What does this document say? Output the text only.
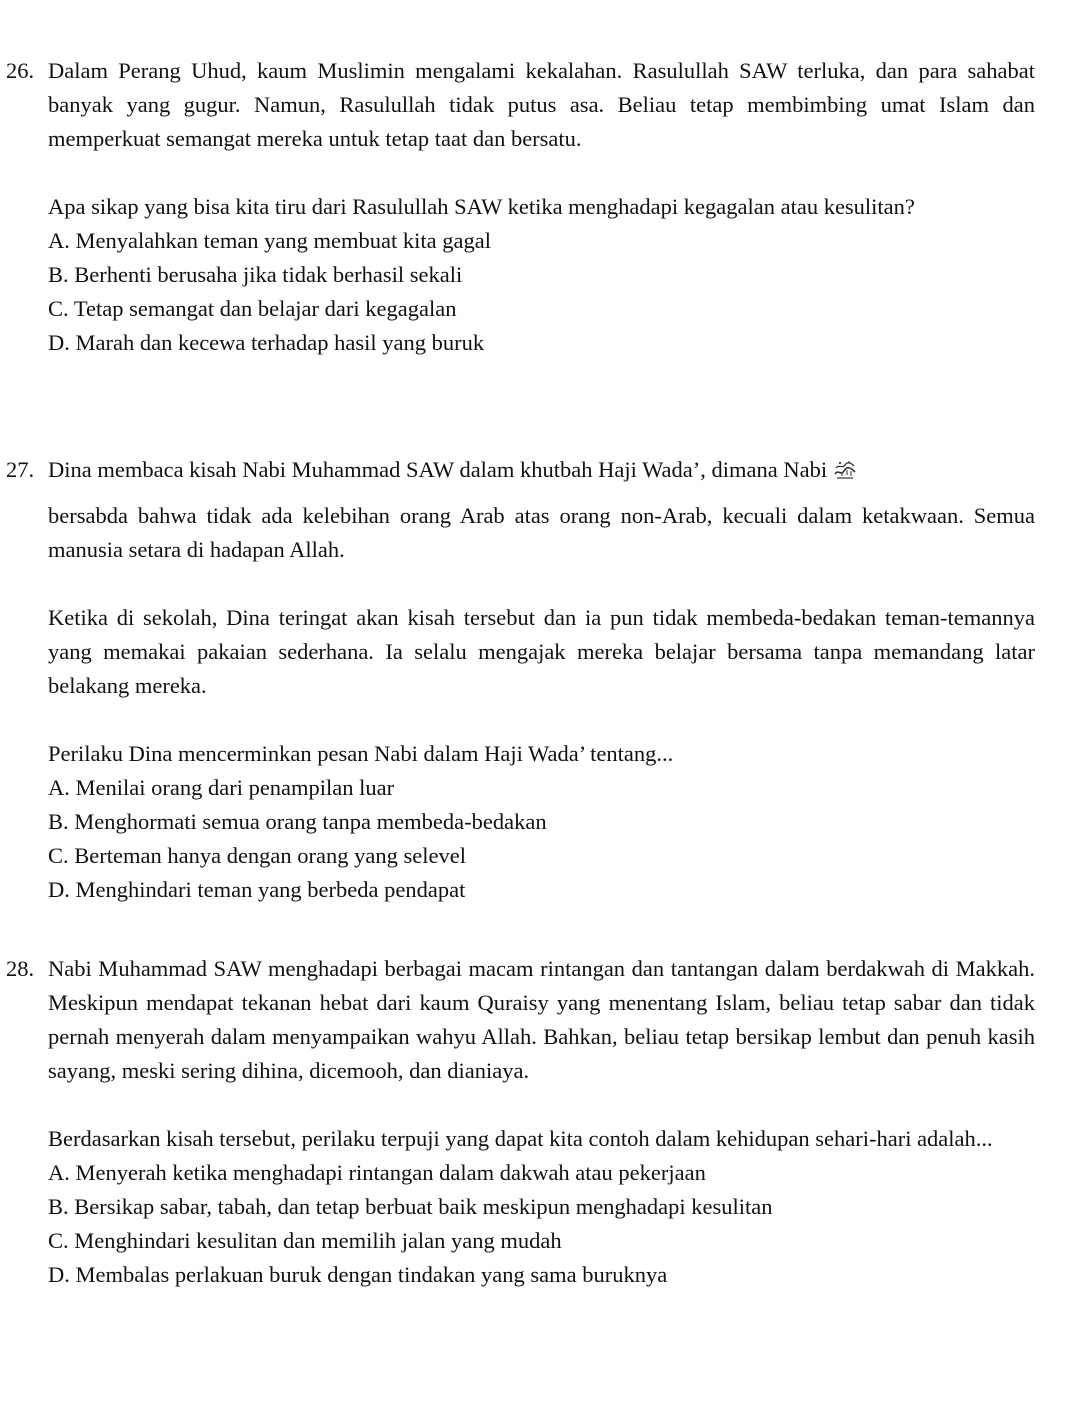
26. Dalam Perang Uhud, kaum Muslimin mengalami kekalahan. Rasulullah SAW terluka, dan para sahabat banyak yang gugur. Namun, Rasulullah tidak putus asa. Beliau tetap membimbing umat Islam dan memperkuat semangat mereka untuk tetap taat dan bersatu.

Apa sikap yang bisa kita tiru dari Rasulullah SAW ketika menghadapi kegagalan atau kesulitan?

A. Menyalahkan teman yang membuat kita gagal
B. Berhenti berusaha jika tidak berhasil sekali
C. Tetap semangat dan belajar dari kegagalan
D. Marah dan kecewa terhadap hasil yang buruk
27. Dina membaca kisah Nabi Muhammad SAW dalam khutbah Haji Wada’, dimana Nabi

bersabda bahwa tidak ada kelebihan orang Arab atas orang non-Arab, kecuali dalam ketakwaan. Semua manusia setara di hadapan Allah.

Ketika di sekolah, Dina teringat akan kisah tersebut dan ia pun tidak membeda-bedakan teman-temannya yang memakai pakaian sederhana. Ia selalu mengajak mereka belajar bersama tanpa memandang latar belakang mereka.

Perilaku Dina mencerminkan pesan Nabi dalam Haji Wada’ tentang...

A. Menilai orang dari penampilan luar
B. Menghormati semua orang tanpa membeda-bedakan
C. Berteman hanya dengan orang yang selevel
D. Menghindari teman yang berbeda pendapat
28. Nabi Muhammad SAW menghadapi berbagai macam rintangan dan tantangan dalam berdakwah di Makkah. Meskipun mendapat tekanan hebat dari kaum Quraisy yang menentang Islam, beliau tetap sabar dan tidak pernah menyerah dalam menyampaikan wahyu Allah. Bahkan, beliau tetap bersikap lembut dan penuh kasih sayang, meski sering dihina, dicemooh, dan dianiaya.

Berdasarkan kisah tersebut, perilaku terpuji yang dapat kita contoh dalam kehidupan sehari-hari adalah...

A. Menyerah ketika menghadapi rintangan dalam dakwah atau pekerjaan
B. Bersikap sabar, tabah, dan tetap berbuat baik meskipun menghadapi kesulitan
C. Menghindari kesulitan dan memilih jalan yang mudah
D. Membalas perlakuan buruk dengan tindakan yang sama buruknya
